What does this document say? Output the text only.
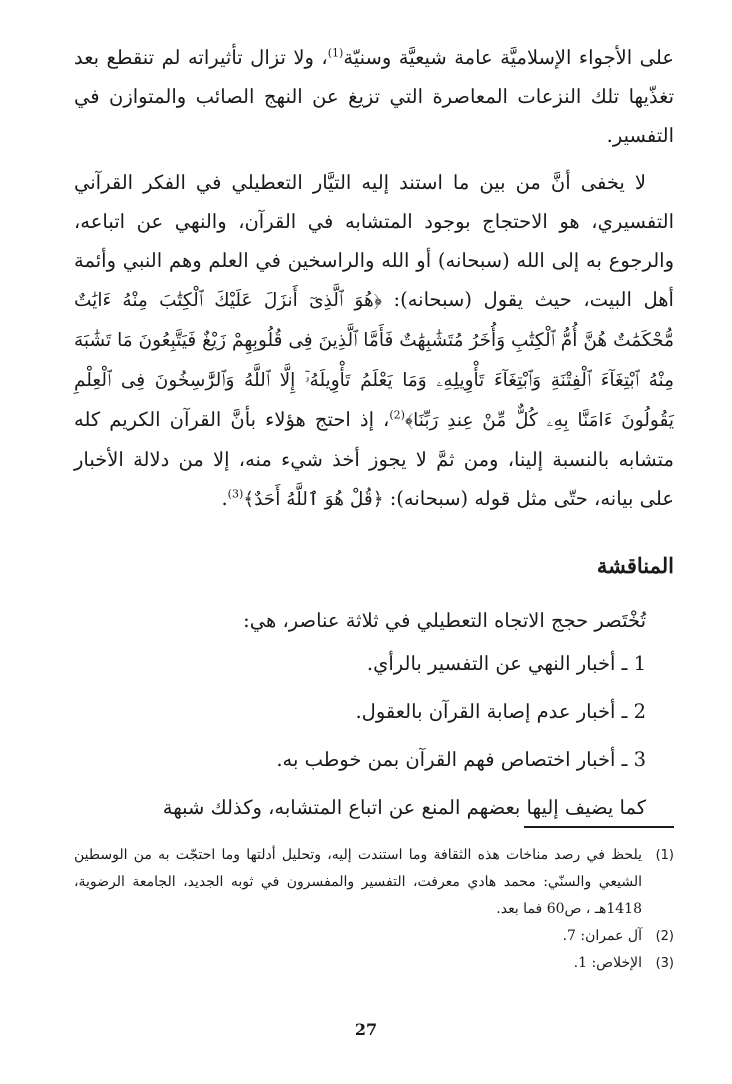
على الأجواء الإسلاميَّة عامة شيعيَّة وسنيّة$^{(1)}$، ولا تزال تأثيراته لم تنقطع بعد تغذّيها تلك النزعات المعاصرة التي تزيغ عن النهج الصائب والمتوازن في التفسير.

لا يخفى أنَّ من بين ما استند إليه التيَّار التعطيلي في الفكر القرآني التفسيري، هو الاحتجاج بوجود المتشابه في القرآن، والنهي عن اتباعه، والرجوع به إلى الله (سبحانه) أو الله والراسخين في العلم وهم النبي وأئمة أهل البيت، حيث يقول (سبحانه): ﴿هُوَ ٱلَّذِىٓ أَنزَلَ عَلَيْكَ ٱلْكِتَٰبَ مِنْهُ ءَايَٰتٌ مُّحْكَمَٰتٌ هُنَّ أُمُّ ٱلْكِتَٰبِ وَأُخَرُ مُتَشَٰبِهَٰتٌ فَأَمَّا ٱلَّذِينَ فِى قُلُوبِهِمْ زَيْغٌ فَيَتَّبِعُونَ مَا تَشَٰبَهَ مِنْهُ ٱبْتِغَآءَ ٱلْفِتْنَةِ وَٱبْتِغَآءَ تَأْوِيلِهِۦ وَمَا يَعْلَمُ تَأْوِيلَهُۥٓ إِلَّا ٱللَّهُ وَٱلرَّٰسِخُونَ فِى ٱلْعِلْمِ يَقُولُونَ ءَامَنَّا بِهِۦ كُلٌّ مِّنْ عِندِ رَبِّنَا﴾$^{(2)}$، إذ احتج هؤلاء بأنَّ القرآن الكريم كله متشابه بالنسبة إلينا، ومن ثمَّ لا يجوز أخذ شيء منه، إلا من دلالة الأخبار على بيانه، حتّى مثل قوله (سبحانه): ﴿قُلْ هُوَ ٱللَّهُ أَحَدٌ﴾$^{(3)}$.

المناقشة

تُخْتَصر حجج الاتجاه التعطيلي في ثلاثة عناصر، هي:

1 ـ أخبار النهي عن التفسير بالرأي.
2 ـ أخبار عدم إصابة القرآن بالعقول.
3 ـ أخبار اختصاص فهم القرآن بمن خوطب به.

كما يضيف إليها بعضهم المنع عن اتباع المتشابه، وكذلك شبهة

(1)
يلحظ في رصد مناخات هذه الثقافة وما استندت إليه، وتحليل أدلتها وما احتجّت به من الوسطين الشيعي والسنّي: محمد هادي معرفت، التفسير والمفسرون في ثوبه الجديد، الجامعة الرضوية، 1418هـ ، ص60 فما بعد.
(2)
آل عمران: 7.
(3)
الإخلاص: 1.
27
